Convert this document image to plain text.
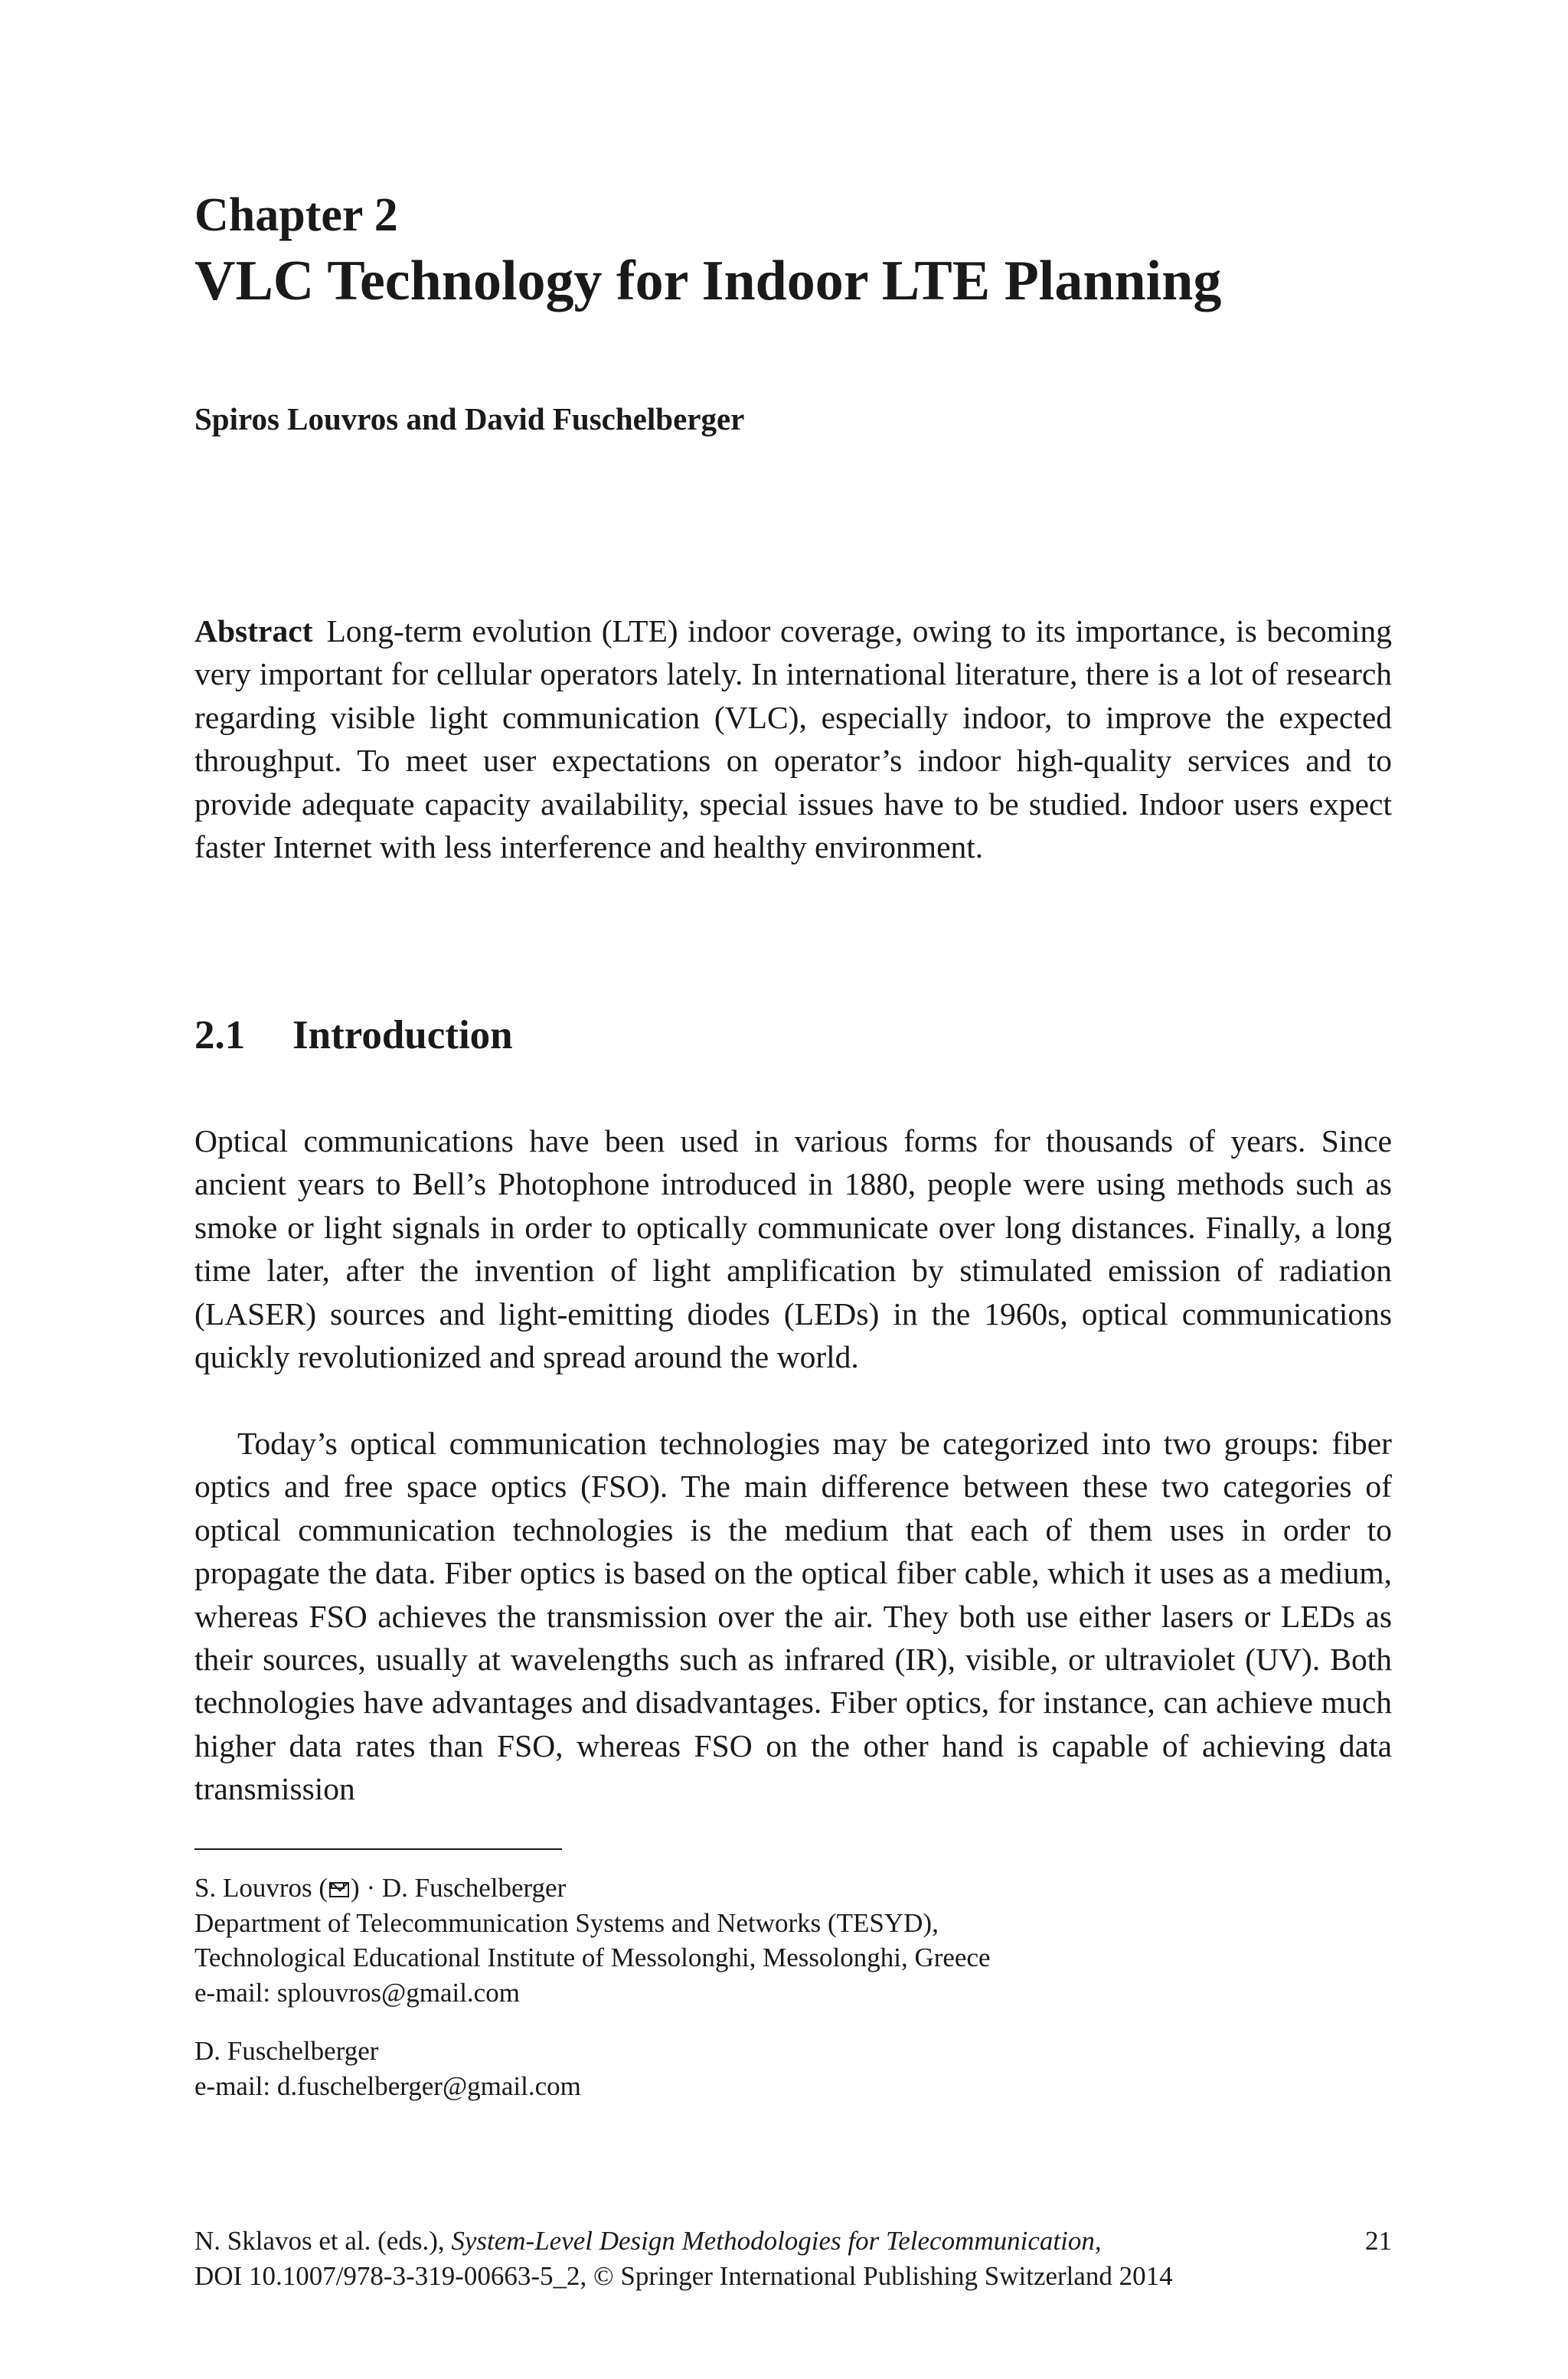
Chapter 2
VLC Technology for Indoor LTE Planning
Spiros Louvros and David Fuschelberger

Abstract Long-term evolution (LTE) indoor coverage, owing to its importance, is becoming very important for cellular operators lately. In international literature, there is a lot of research regarding visible light communication (VLC), especially indoor, to improve the expected throughput. To meet user expectations on operator’s indoor high-quality services and to provide adequate capacity availability, special issues have to be studied. Indoor users expect faster Internet with less interference and healthy environment.

2.1 Introduction

Optical communications have been used in various forms for thousands of years. Since ancient years to Bell’s Photophone introduced in 1880, people were using methods such as smoke or light signals in order to optically communicate over long distances. Finally, a long time later, after the invention of light amplification by stimulated emission of radiation (LASER) sources and light-emitting diodes (LEDs) in the 1960s, optical communications quickly revolutionized and spread around the world.

Today’s optical communication technologies may be categorized into two groups: fiber optics and free space optics (FSO). The main difference between these two categories of optical communication technologies is the medium that each of them uses in order to propagate the data. Fiber optics is based on the optical fiber cable, which it uses as a medium, whereas FSO achieves the transmission over the air. They both use either lasers or LEDs as their sources, usually at wavelengths such as infrared (IR), visible, or ultraviolet (UV). Both technologies have advantages and disadvantages. Fiber optics, for instance, can achieve much higher data rates than FSO, whereas FSO on the other hand is capable of achieving data transmission

S. Louvros ( ) · D. Fuschelberger
Department of Telecommunication Systems and Networks (TESYD),
Technological Educational Institute of Messolonghi, Messolonghi, Greece
e-mail: splouvros@gmail.com
D. Fuschelberger
e-mail: d.fuschelberger@gmail.com
N. Sklavos et al. (eds.), System-Level Design Methodologies for Telecommunication,
DOI 10.1007/978-3-319-00663-5_2, © Springer International Publishing Switzerland 2014
21
